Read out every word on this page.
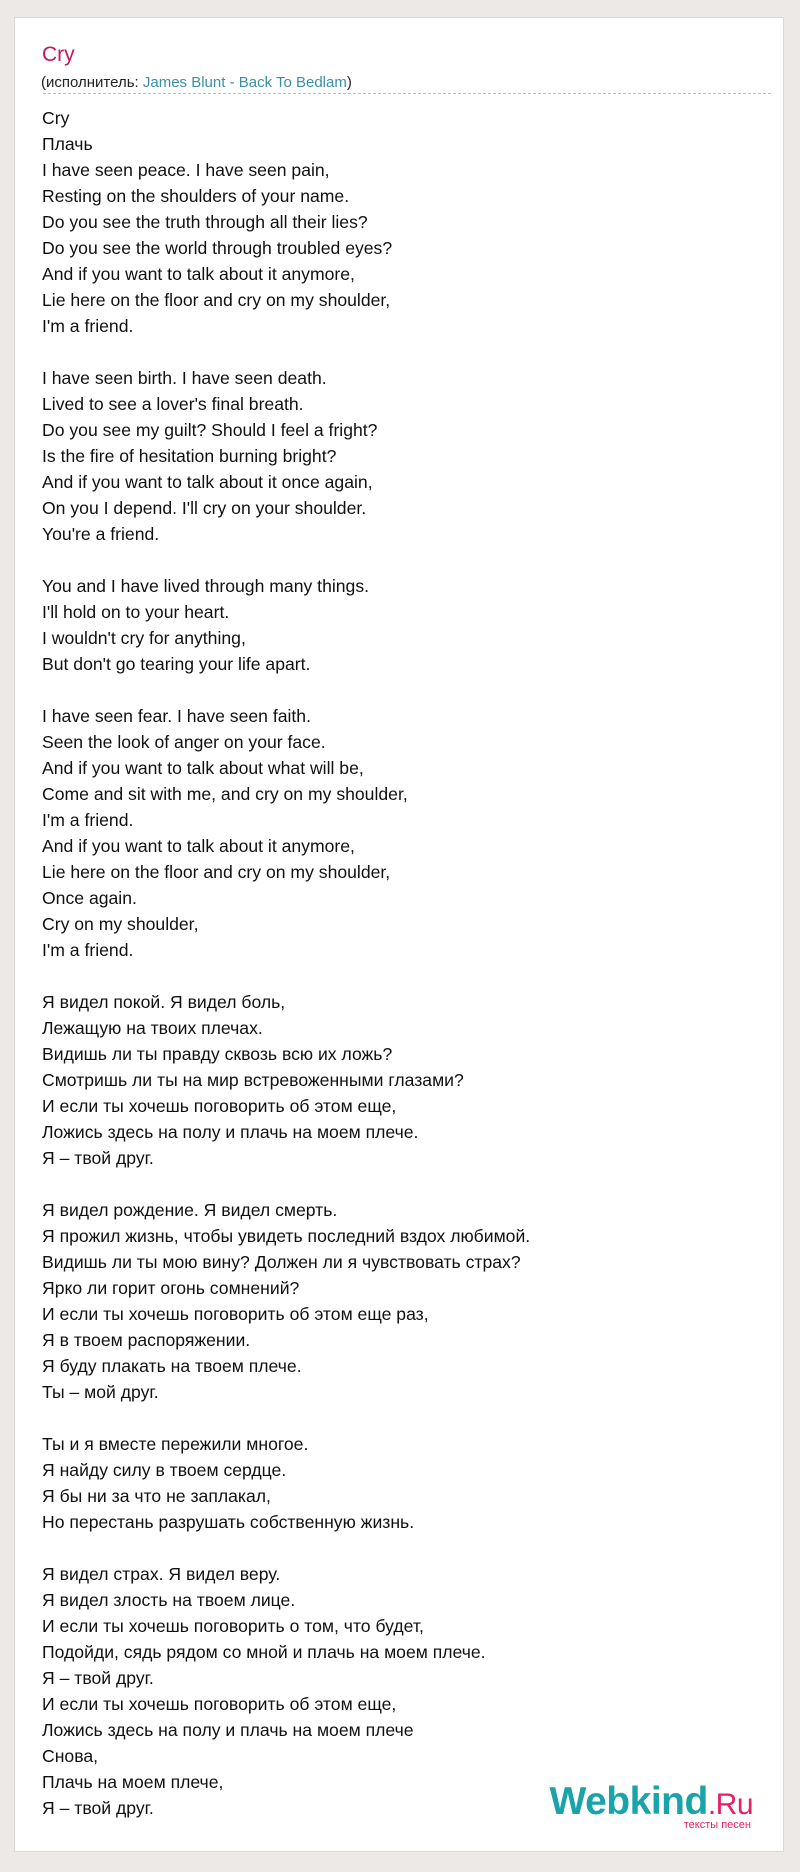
Cry
(исполнитель: James Blunt - Back To Bedlam)
Cry
Плачь
I have seen peace. I have seen pain,
Resting on the shoulders of your name.
Do you see the truth through all their lies?
Do you see the world through troubled eyes?
And if you want to talk about it anymore,
Lie here on the floor and cry on my shoulder,
I'm a friend.
I have seen birth. I have seen death.
Lived to see a lover's final breath.
Do you see my guilt? Should I feel a fright?
Is the fire of hesitation burning bright?
And if you want to talk about it once again,
On you I depend. I'll cry on your shoulder.
You're a friend.
You and I have lived through many things.
I'll hold on to your heart.
I wouldn't cry for anything,
But don't go tearing your life apart.
I have seen fear. I have seen faith.
Seen the look of anger on your face.
And if you want to talk about what will be,
Come and sit with me, and cry on my shoulder,
I'm a friend.
And if you want to talk about it anymore,
Lie here on the floor and cry on my shoulder,
Once again.
Cry on my shoulder,
I'm a friend.
Я видел покой. Я видел боль,
Лежащую на твоих плечах.
Видишь ли ты правду сквозь всю их ложь?
Смотришь ли ты на мир встревоженными глазами?
И если ты хочешь поговорить об этом еще,
Ложись здесь на полу и плачь на моем плече.
Я – твой друг.
Я видел рождение. Я видел смерть.
Я прожил жизнь, чтобы увидеть последний вздох любимой.
Видишь ли ты мою вину? Должен ли я чувствовать страх?
Ярко ли горит огонь сомнений?
И если ты хочешь поговорить об этом еще раз,
Я в твоем распоряжении.
Я буду плакать на твоем плече.
Ты – мой друг.
Ты и я вместе пережили многое.
Я найду силу в твоем сердце.
Я бы ни за что не заплакал,
Но перестань разрушать собственную жизнь.
Я видел страх. Я видел веру.
Я видел злость на твоем лице.
И если ты хочешь поговорить о том, что будет,
Подойди, сядь рядом со мной и плачь на моем плече.
Я – твой друг.
И если ты хочешь поговорить об этом еще,
Ложись здесь на полу и плачь на моем плече
Снова,
Плачь на моем плече,
Я – твой друг.	Webkind.Ru
тексты песен
